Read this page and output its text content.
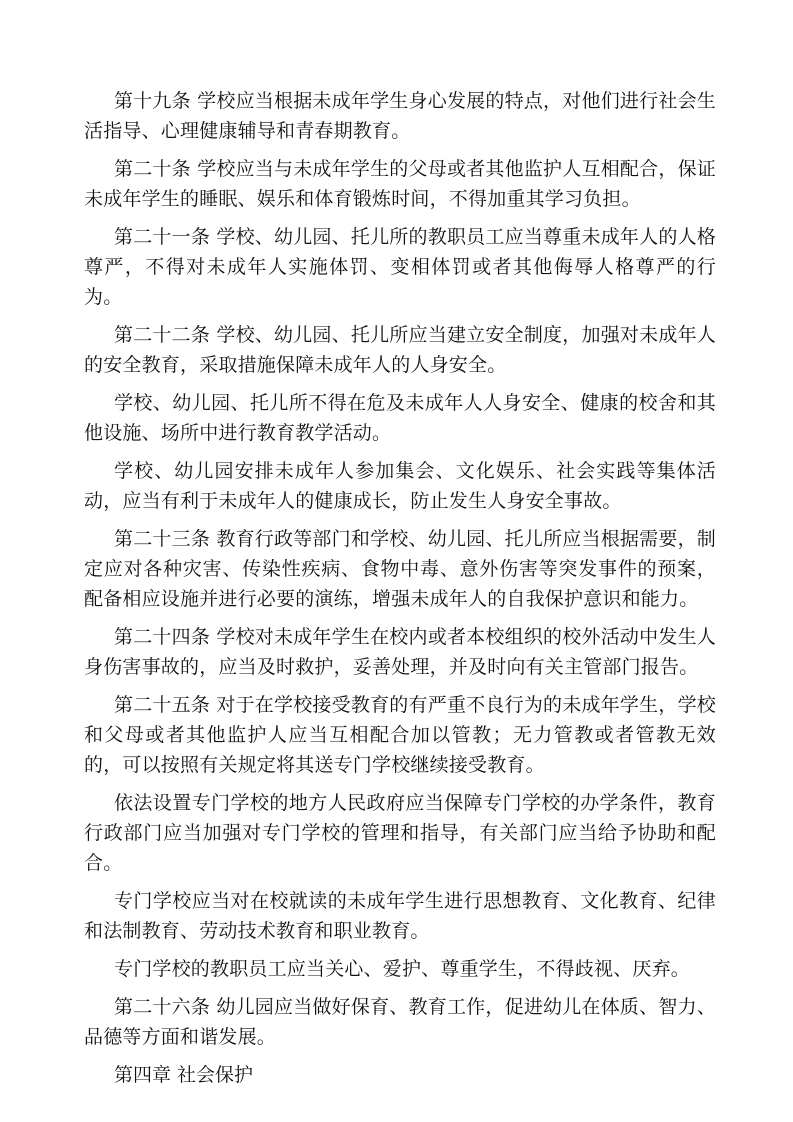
第十九条 学校应当根据未成年学生身心发展的特点，对他们进行社会生活指导、心理健康辅导和青春期教育。

第二十条 学校应当与未成年学生的父母或者其他监护人互相配合，保证未成年学生的睡眠、娱乐和体育锻炼时间，不得加重其学习负担。

第二十一条 学校、幼儿园、托儿所的教职员工应当尊重未成年人的人格尊严，不得对未成年人实施体罚、变相体罚或者其他侮辱人格尊严的行为。

第二十二条 学校、幼儿园、托儿所应当建立安全制度，加强对未成年人的安全教育，采取措施保障未成年人的人身安全。

学校、幼儿园、托儿所不得在危及未成年人人身安全、健康的校舍和其他设施、场所中进行教育教学活动。

学校、幼儿园安排未成年人参加集会、文化娱乐、社会实践等集体活动，应当有利于未成年人的健康成长，防止发生人身安全事故。

第二十三条 教育行政等部门和学校、幼儿园、托儿所应当根据需要，制定应对各种灾害、传染性疾病、食物中毒、意外伤害等突发事件的预案，配备相应设施并进行必要的演练，增强未成年人的自我保护意识和能力。

第二十四条 学校对未成年学生在校内或者本校组织的校外活动中发生人身伤害事故的，应当及时救护，妥善处理，并及时向有关主管部门报告。

第二十五条 对于在学校接受教育的有严重不良行为的未成年学生，学校和父母或者其他监护人应当互相配合加以管教；无力管教或者管教无效的，可以按照有关规定将其送专门学校继续接受教育。

依法设置专门学校的地方人民政府应当保障专门学校的办学条件，教育行政部门应当加强对专门学校的管理和指导，有关部门应当给予协助和配合。

专门学校应当对在校就读的未成年学生进行思想教育、文化教育、纪律和法制教育、劳动技术教育和职业教育。

专门学校的教职员工应当关心、爱护、尊重学生，不得歧视、厌弃。

第二十六条 幼儿园应当做好保育、教育工作，促进幼儿在体质、智力、品德等方面和谐发展。

第四章 社会保护
